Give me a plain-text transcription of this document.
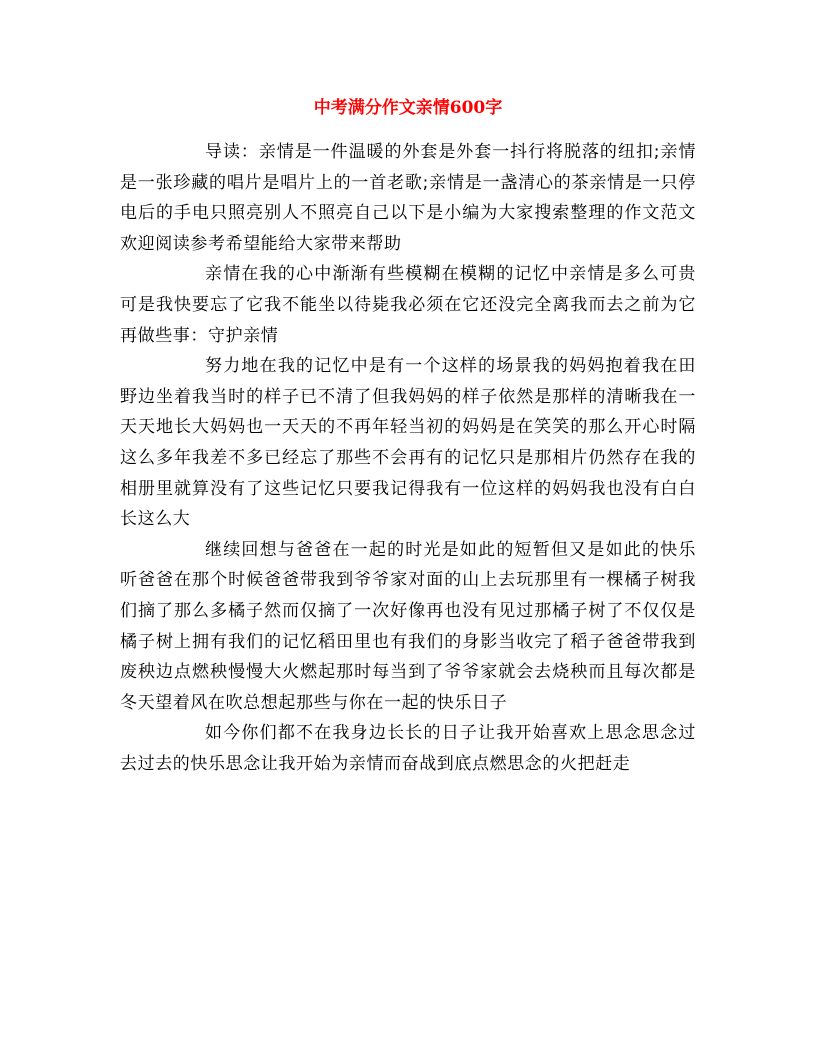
中考满分作文亲情600字

导读：亲情是一件温暖的外套是外套一抖行将脱落的纽扣;亲情是一张珍藏的唱片是唱片上的一首老歌;亲情是一盏清心的茶亲情是一只停电后的手电只照亮别人不照亮自己以下是小编为大家搜索整理的作文范文欢迎阅读参考希望能给大家带来帮助

亲情在我的心中渐渐有些模糊在模糊的记忆中亲情是多么可贵可是我快要忘了它我不能坐以待毙我必须在它还没完全离我而去之前为它再做些事：守护亲情

努力地在我的记忆中是有一个这样的场景我的妈妈抱着我在田野边坐着我当时的样子已不清了但我妈妈的样子依然是那样的清晰我在一天天地长大妈妈也一天天的不再年轻当初的妈妈是在笑笑的那么开心时隔这么多年我差不多已经忘了那些不会再有的记忆只是那相片仍然存在我的相册里就算没有了这些记忆只要我记得我有一位这样的妈妈我也没有白白长这么大

继续回想与爸爸在一起的时光是如此的短暂但又是如此的快乐听爸爸在那个时候爸爸带我到爷爷家对面的山上去玩那里有一棵橘子树我们摘了那么多橘子然而仅摘了一次好像再也没有见过那橘子树了不仅仅是橘子树上拥有我们的记忆稻田里也有我们的身影当收完了稻子爸爸带我到废秧边点燃秧慢慢大火燃起那时每当到了爷爷家就会去烧秧而且每次都是冬天望着风在吹总想起那些与你在一起的快乐日子

如今你们都不在我身边长长的日子让我开始喜欢上思念思念过去过去的快乐思念让我开始为亲情而奋战到底点燃思念的火把赶走
